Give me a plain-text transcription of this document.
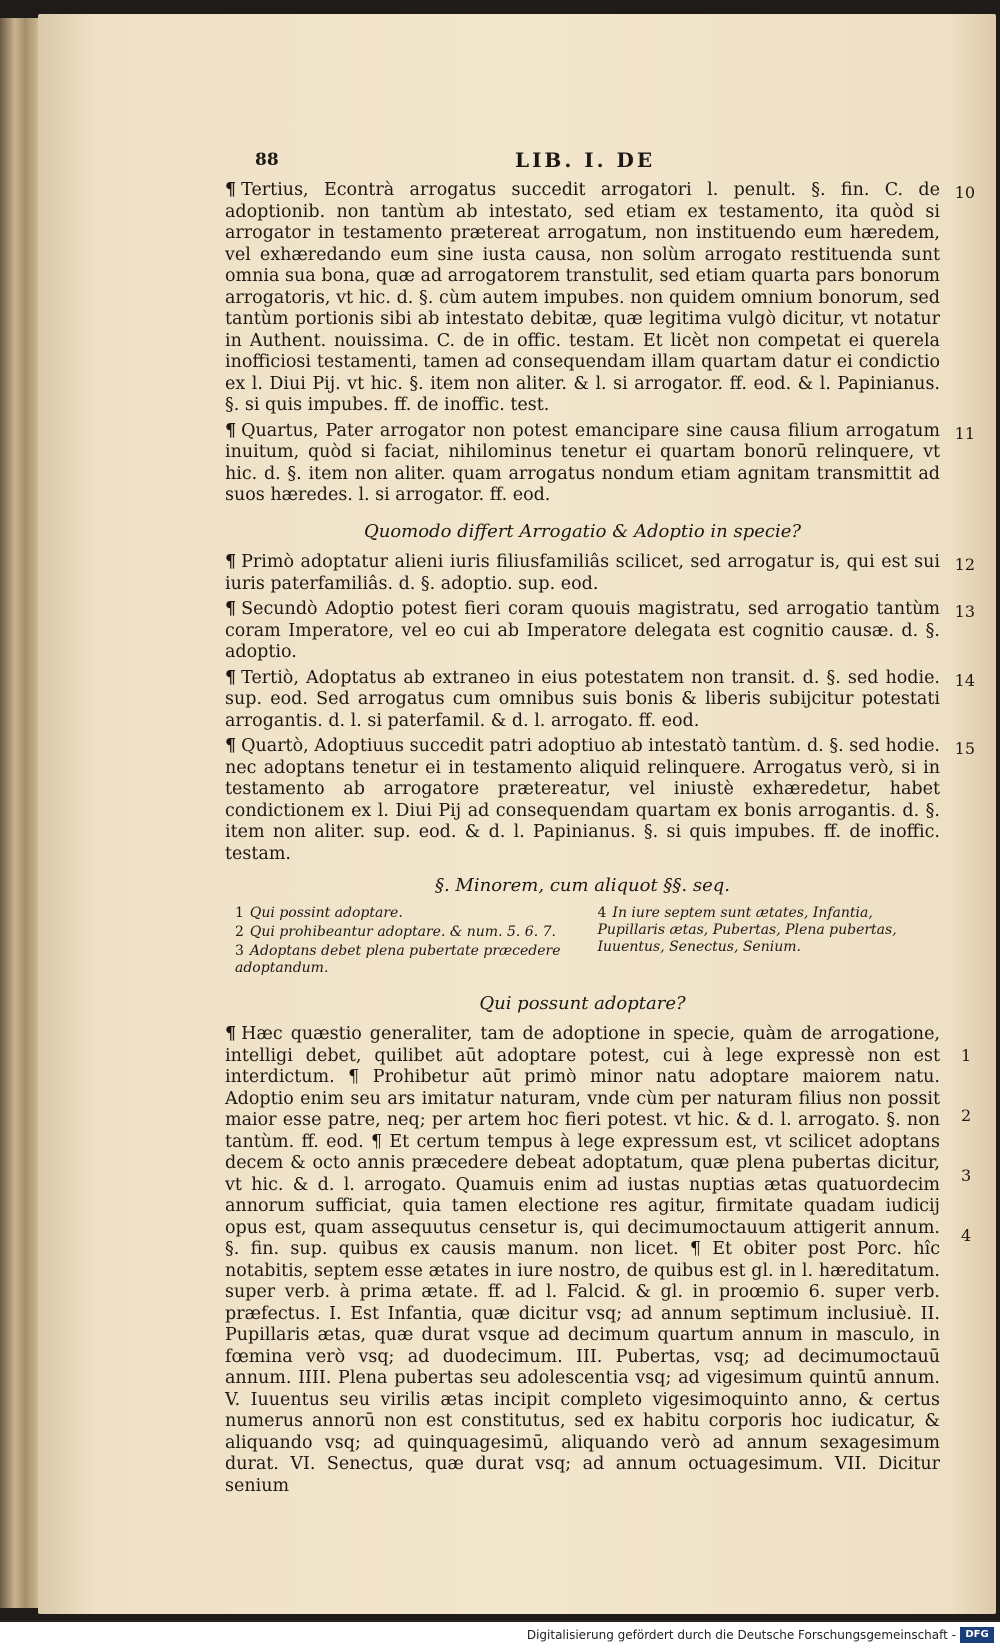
88	LIB. I. DE
¶ Tertius, Econtrà arrogatus succedit arrogatori l. penult. §. fin. C. de adoptionib. non tantùm ab intestato, sed etiam ex testamento, ita quòd si arrogator in testamento prætereat arrogatum, non instituendo eum hæredem, vel exhæredando eum sine iusta causa, non solùm arrogato restituenda sunt omnia sua bona, quæ ad arrogatorem transtulit, sed etiam quarta pars bonorum arrogatoris, vt hic. d. §. cùm autem impubes. non quidem omnium bonorum, sed tantùm portionis sibi ab intestato debitæ, quæ legitima vulgò dicitur, vt notatur in Authent. nouissima. C. de in offic. testam. Et licèt non competat ei querela inofficiosi testamenti, tamen ad consequendam illam quartam datur ei condictio ex l. Diui Pij. vt hic. §. item non aliter. & l. si arrogator. ff. eod. & l. Papinianus. §. si quis impubes. ff. de inoffic. test.
10
¶ Quartus, Pater arrogator non potest emancipare sine causa filium arrogatum inuitum, quòd si faciat, nihilominus tenetur ei quartam bonorū relinquere, vt hic. d. §. item non aliter. quam arrogatus nondum etiam agnitam transmittit ad suos hæredes. l. si arrogator. ff. eod.
11
Quomodo differt Arrogatio & Adoptio in specie?
¶ Primò adoptatur alieni iuris filiusfamiliâs scilicet, sed arrogatur is, qui est sui iuris paterfamiliâs. d. §. adoptio. sup. eod.
12
¶ Secundò Adoptio potest fieri coram quouis magistratu, sed arrogatio tantùm coram Imperatore, vel eo cui ab Imperatore delegata est cognitio causæ. d. §. adoptio.
13
¶ Tertiò, Adoptatus ab extraneo in eius potestatem non transit. d. §. sed hodie. sup. eod. Sed arrogatus cum omnibus suis bonis & liberis subijcitur potestati arrogantis. d. l. si paterfamil. & d. l. arrogato. ff. eod.
14
¶ Quartò, Adoptiuus succedit patri adoptiuo ab intestatò tantùm. d. §. sed hodie. nec adoptans tenetur ei in testamento aliquid relinquere. Arrogatus verò, si in testamento ab arrogatore prætereatur, vel iniustè exhæredetur, habet condictionem ex l. Diui Pij ad consequendam quartam ex bonis arrogantis. d. §. item non aliter. sup. eod. & d. l. Papinianus. §. si quis impubes. ff. de inoffic. testam.
15
§. Minorem, cum aliquot §§. seq.
1 Qui possint adoptare.
2 Qui prohibeantur adoptare. & num. 5. 6. 7.
3 Adoptans debet plena pubertate præcedere adoptandum.
4 In iure septem sunt ætates, Infantia, Pupillaris ætas, Pubertas, Plena pubertas, Iuuentus, Senectus, Senium.
Qui possunt adoptare?
¶ Hæc quæstio generaliter, tam de adoptione in specie, quàm de arrogatione, intelligi debet, quilibet aūt adoptare potest, cui à lege expressè non est interdictum. ¶ Prohibetur aūt primò minor natu adoptare maiorem natu. Adoptio enim seu ars imitatur naturam, vnde cùm per naturam filius non possit maior esse patre, neq; per artem hoc fieri potest. vt hic. & d. l. arrogato. §. non tantùm. ff. eod. ¶ Et certum tempus à lege expressum est, vt scilicet adoptans decem & octo annis præcedere debeat adoptatum, quæ plena pubertas dicitur, vt hic. & d. l. arrogato. Quamuis enim ad iustas nuptias ætas quatuordecim annorum sufficiat, quia tamen electione res agitur, firmitate quadam iudicij opus est, quam assequutus censetur is, qui decimumoctauum attigerit annum. §. fin. sup. quibus ex causis manum. non licet. ¶ Et obiter post Porc. hîc notabitis, septem esse ætates in iure nostro, de quibus est gl. in l. hæreditatum. super verb. à prima ætate. ff. ad l. Falcid. & gl. in proœmio 6. super verb. præfectus. I. Est Infantia, quæ dicitur vsq; ad annum septimum inclusiuè. II. Pupillaris ætas, quæ durat vsque ad decimum quartum annum in masculo, in fœmina verò vsq; ad duodecimum. III. Pubertas, vsq; ad decimumoctauū annum. IIII. Plena pubertas seu adolescentia vsq; ad vigesimum quintū annum. V. Iuuentus seu virilis ætas incipit completo vigesimoquinto anno, & certus numerus annorū non est constitutus, sed ex habitu corporis hoc iudicatur, & aliquando vsq; ad quinquagesimū, aliquando verò ad annum sexagesimum durat. VI. Senectus, quæ durat vsq; ad annum octuagesimum. VII. Dicitur senium
1 2 3 4
Digitalisierung gefördert durch die Deutsche Forschungsgemeinschaft - DFG
